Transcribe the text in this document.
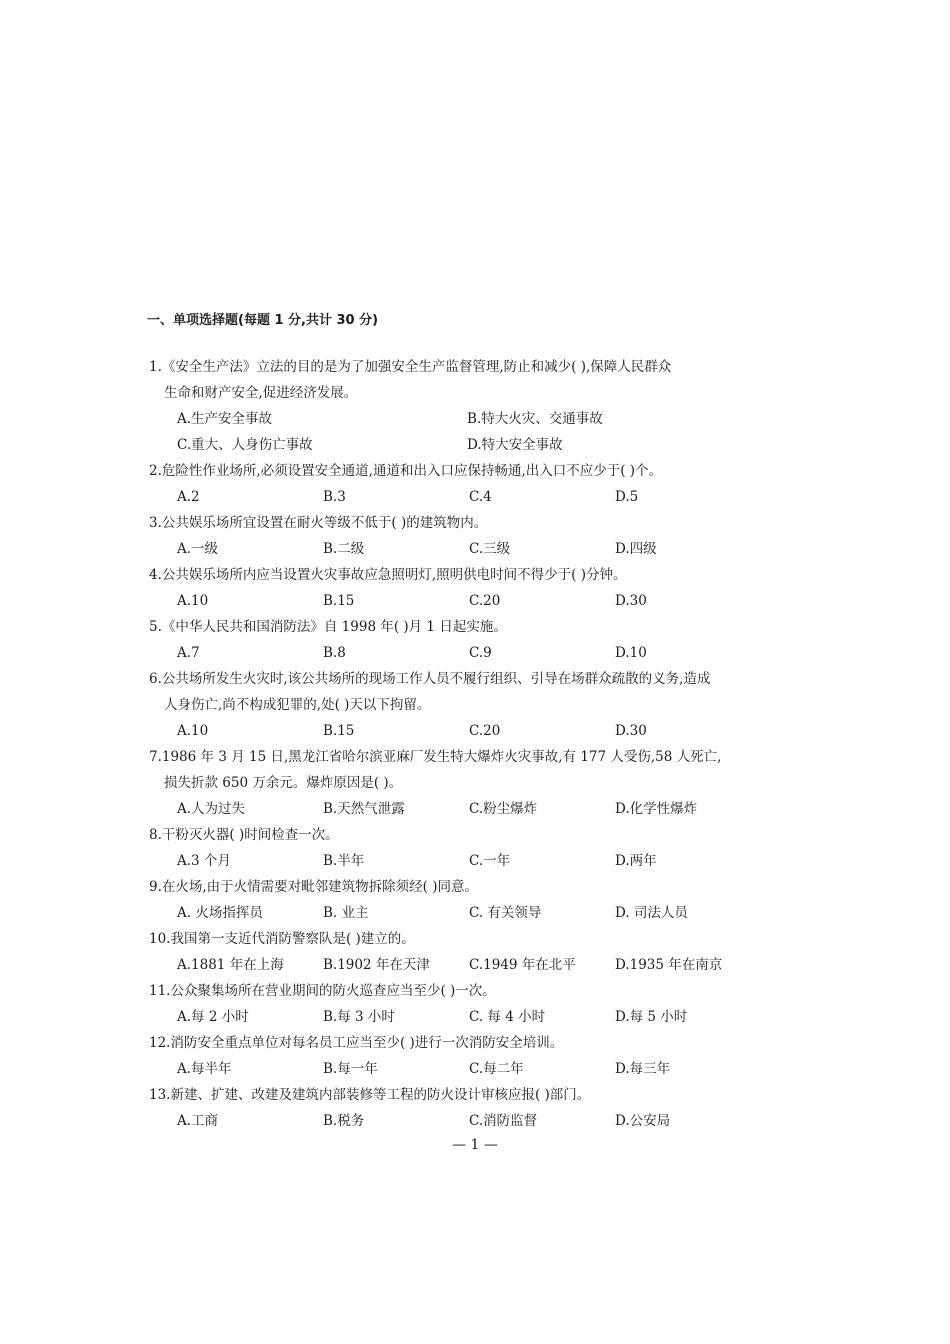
一、单项选择题(每题 1 分,共计 30 分)
1.《安全生产法》立法的目的是为了加强安全生产监督管理,防止和减少( ),保障人民群众
生命和财产安全,促进经济发展。
A.生产安全事故	B.特大火灾、交通事故
C.重大、人身伤亡事故	D.特大安全事故
2.危险性作业场所,必须设置安全通道,通道和出入口应保持畅通,出入口不应少于( )个。
A.2	B.3	C.4	D.5
3.公共娱乐场所宜设置在耐火等级不低于( )的建筑物内。
A.一级	B.二级	C.三级	D.四级
4.公共娱乐场所内应当设置火灾事故应急照明灯,照明供电时间不得少于( )分钟。
A.10	B.15	C.20	D.30
5.《中华人民共和国消防法》自 1998 年( )月 1 日起实施。
A.7	B.8	C.9	D.10
6.公共场所发生火灾时,该公共场所的现场工作人员不履行组织、引导在场群众疏散的义务,造成
人身伤亡,尚不构成犯罪的,处( )天以下拘留。
A.10	B.15	C.20	D.30
7.1986 年 3 月 15 日,黑龙江省哈尔滨亚麻厂发生特大爆炸火灾事故,有 177 人受伤,58 人死亡,
损失折款 650 万余元。爆炸原因是( )。
A.人为过失	B.天然气泄露	C.粉尘爆炸	D.化学性爆炸
8.干粉灭火器( )时间检查一次。
A.3 个月	B.半年	C.一年	D.两年
9.在火场,由于火情需要对毗邻建筑物拆除须经( )同意。
A. 火场指挥员	B. 业主	C. 有关领导	D. 司法人员
10.我国第一支近代消防警察队是( )建立的。
A.1881 年在上海	B.1902 年在天津	C.1949 年在北平	D.1935 年在南京
11.公众聚集场所在营业期间的防火巡查应当至少( )一次。
A.每 2 小时	B.每 3 小时	C. 每 4 小时	D.每 5 小时
12.消防安全重点单位对每名员工应当至少( )进行一次消防安全培训。
A.每半年	B.每一年	C.每二年	D.每三年
13.新建、扩建、改建及建筑内部装修等工程的防火设计审核应报( )部门。
A.工商	B.税务	C.消防监督	D.公安局
— 1 —
